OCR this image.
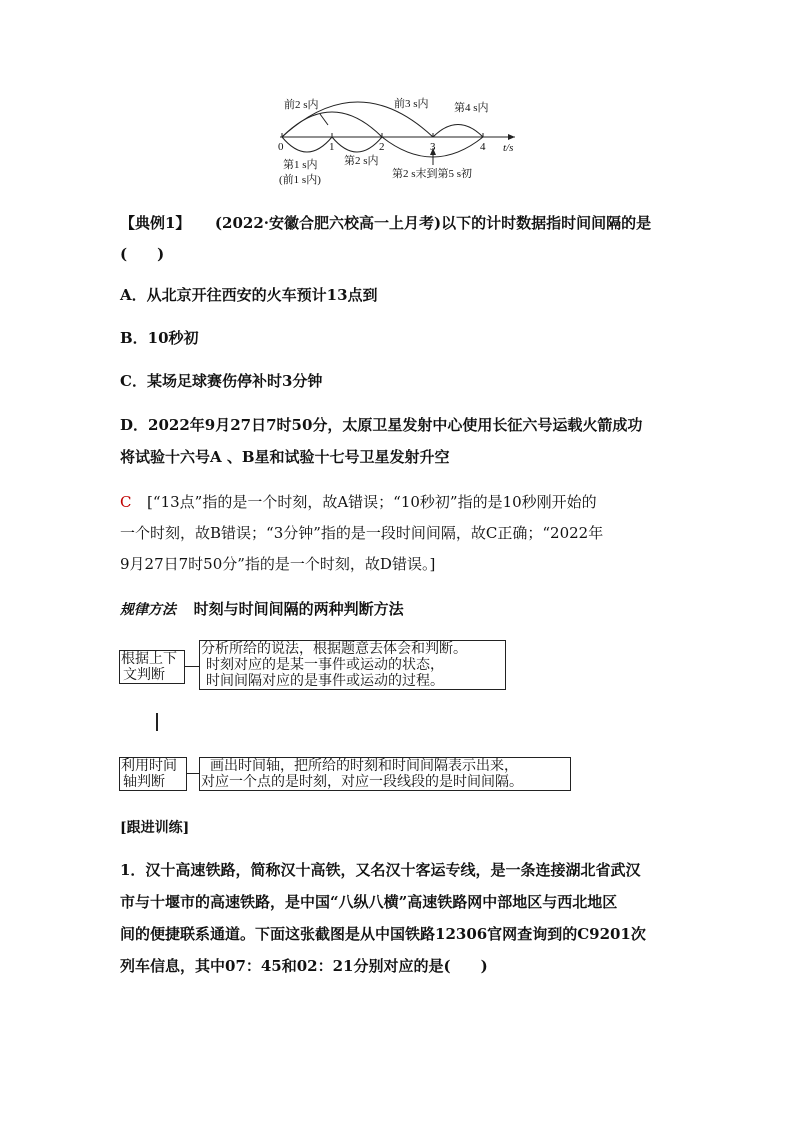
前2 s内	前3 s内 第4 s内
0	1	2	3	4 t/s
第1 s内
(前1 s内)
第2 s内
第2 s末到第5 s初
【典例1】 (2022·安徽合肥六校高一上月考)以下的计时数据指时间间隔的是
(　　)
A．从北京开往西安的火车预计13点到
B．10秒初
C．某场足球赛伤停补时3分钟
D．2022年9月27日7时50分，太原卫星发射中心使用长征六号运载火箭成功
将试验十六号A 、B星和试验十七号卫星发射升空
C [“13点”指的是一个时刻，故A错误；“10秒初”指的是10秒刚开始的
一个时刻，故B错误；“3分钟”指的是一段时间间隔，故C正确；“2022年
9月27日7时50分”指的是一个时刻，故D错误。]
规律方法 时刻与时间间隔的两种判断方法
根据上下
文判断
分析所给的说法，根据题意去体会和判断。
时刻对应的是某一事件或运动的状态，
时间间隔对应的是事件或运动的过程。
利用时间
轴判断
画出时间轴，把所给的时刻和时间间隔表示出来，
对应一个点的是时刻，对应一段线段的是时间间隔。
[跟进训练]
1．汉十高速铁路，简称汉十高铁，又名汉十客运专线，是一条连接湖北省武汉
市与十堰市的高速铁路，是中国“八纵八横”高速铁路网中部地区与西北地区
间的便捷联系通道。下面这张截图是从中国铁路12306官网查询到的C9201次
列车信息，其中07：45和02：21分别对应的是(　　)
